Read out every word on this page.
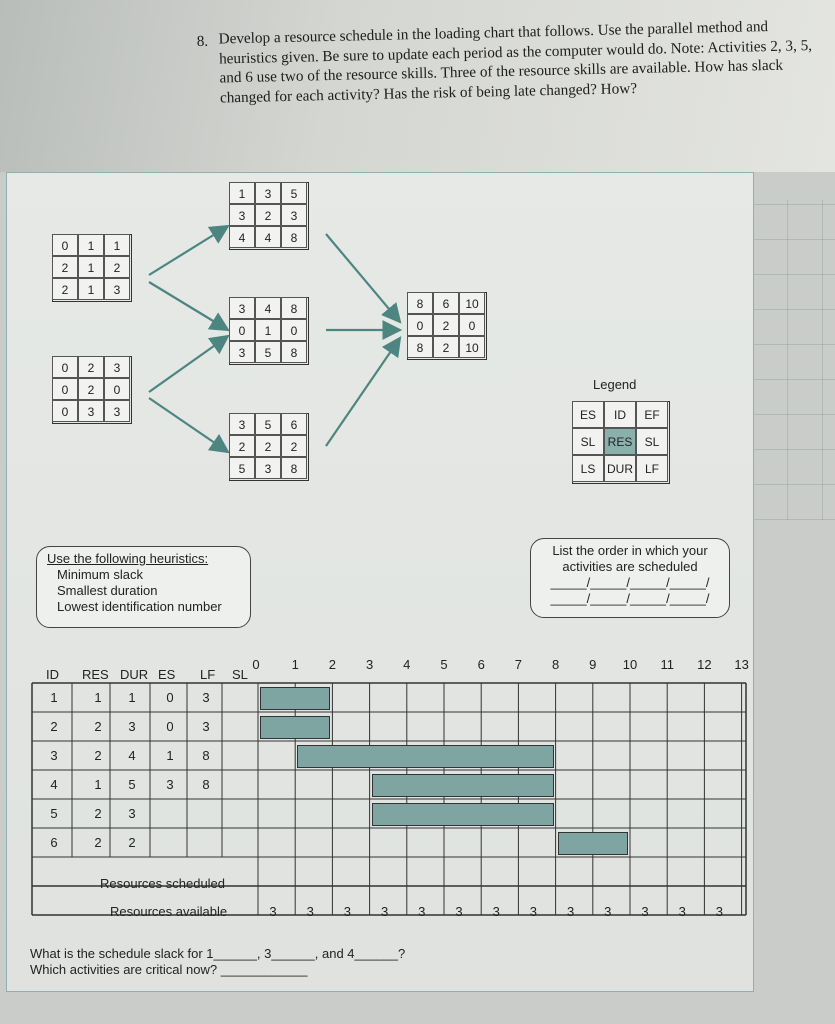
8. Develop a resource schedule in the loading chart that follows. Use the parallel method and heuristics given. Be sure to update each period as the computer would do. Note: Activities 2, 3, 5, and 6 use two of the resource skills. Three of the resource skills are available. How has slack changed for each activity? Has the risk of being late changed? How?
0	1	1
2	1	2
2	1	3
0	2	3
0	2	0
0	3	3
1	3	5
3	2	3
4	4	8
3	4	8
0	1	0
3	5	8
3	5	6
2	2	2
5	3	8
8	6	10
0	2	0
8	2	10
Legend
ES	ID	EF
SL	RES	SL
LS DUR LF
Use the following heuristics:
Minimum slack
Smallest duration
Lowest identification number
List the order in which your
activities are scheduled
_____/_____/_____/_____/
_____/_____/_____/_____/
ID RES DUR ES LF SL
0	1	2	3	4	5	6	7	8	9	10 11 12 13
1	1	1	0	3
2	2	3	0	3
3	2	4	1	8
4	1	5	3	8
5	2	3
6	2	2
Resources scheduled
Resources available	3	3	3	3	3	3	3	3	3	3	3	3	3
What is the schedule slack for 1______, 3______, and 4______?
Which activities are critical now? ____________
